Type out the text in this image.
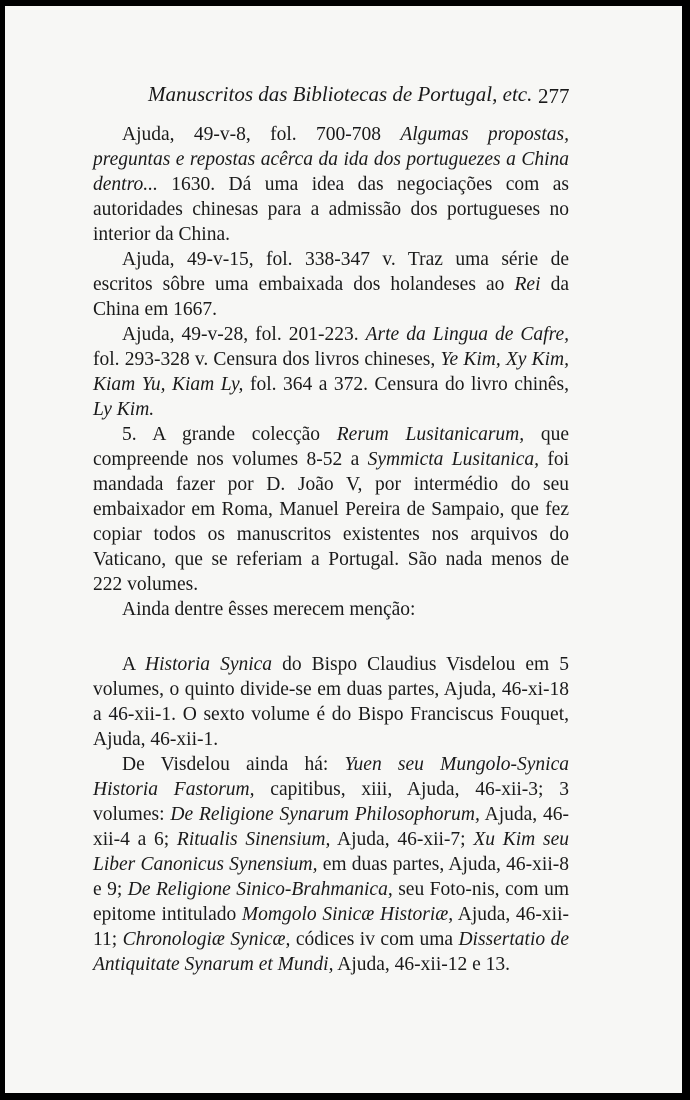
Manuscritos das Bibliotecas de Portugal, etc. 277

Ajuda, 49-v-8, fol. 700-708 Algumas propostas, preguntas e repostas acêrca da ida dos portuguezes a China dentro... 1630. Dá uma idea das negociações com as autoridades chinesas para a admissão dos portugueses no interior da China.

Ajuda, 49-v-15, fol. 338-347 v. Traz uma série de escritos sôbre uma embaixada dos holandeses ao Rei da China em 1667.

Ajuda, 49-v-28, fol. 201-223. Arte da Lingua de Cafre, fol. 293-328 v. Censura dos livros chineses, Ye Kim, Xy Kim, Kiam Yu, Kiam Ly, fol. 364 a 372. Censura do livro chinês, Ly Kim.

5. A grande colecção Rerum Lusitanicarum, que compreende nos volumes 8-52 a Symmicta Lusitanica, foi mandada fazer por D. João V, por intermédio do seu embaixador em Roma, Manuel Pereira de Sampaio, que fez copiar todos os manuscritos existentes nos arquivos do Vaticano, que se referiam a Portugal. São nada menos de 222 volumes.

Ainda dentre êsses merecem menção:

A Historia Synica do Bispo Claudius Visdelou em 5 volumes, o quinto divide-se em duas partes, Ajuda, 46-xi-18 a 46-xii-1. O sexto volume é do Bispo Franciscus Fouquet, Ajuda, 46-xii-1.

De Visdelou ainda há: Yuen seu Mungolo-Synica Historia Fastorum, capitibus, xiii, Ajuda, 46-xii-3; 3 volumes: De Religione Synarum Philosophorum, Ajuda, 46-xii-4 a 6; Ritualis Sinensium, Ajuda, 46-xii-7; Xu Kim seu Liber Canonicus Synensium, em duas partes, Ajuda, 46-xii-8 e 9; De Religione Sinico-Brahmanica, seu Foto-nis, com um epitome intitulado Momgolo Sinicæ Historiæ, Ajuda, 46-xii-11; Chronologiæ Synicæ, códices iv com uma Dissertatio de Antiquitate Synarum et Mundi, Ajuda, 46-xii-12 e 13.
